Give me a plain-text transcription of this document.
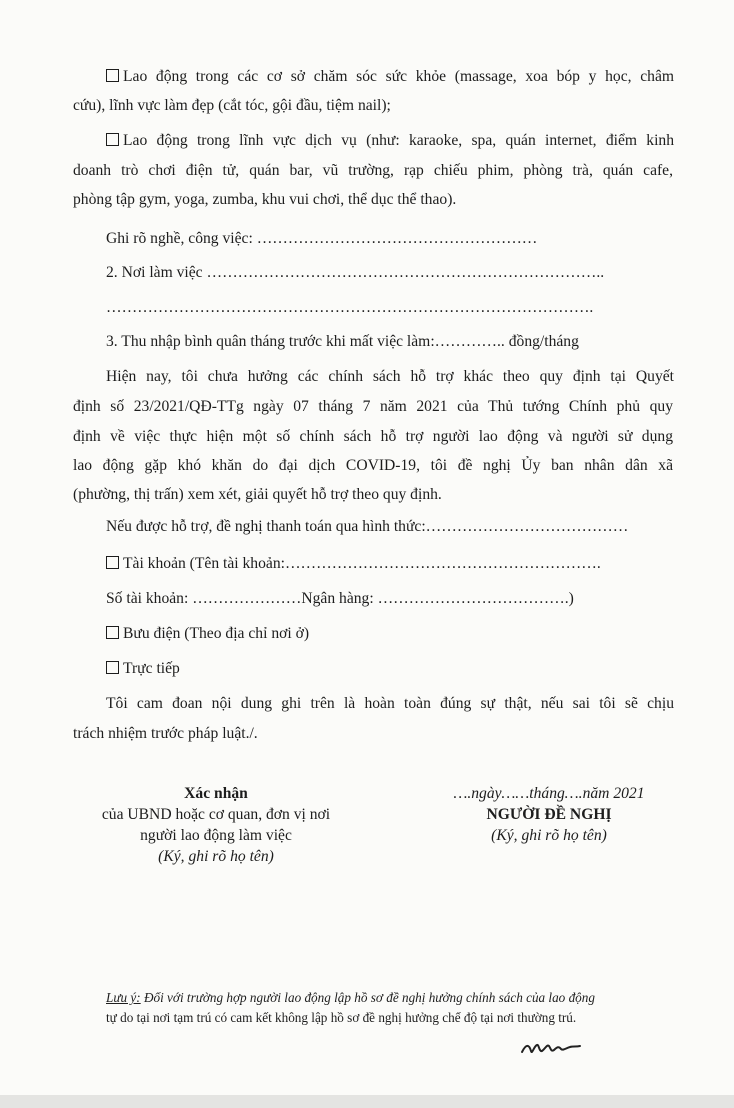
Lao động trong các cơ sở chăm sóc sức khỏe (massage, xoa bóp y học, châm
cứu), lĩnh vực làm đẹp (cắt tóc, gội đầu, tiệm nail);
Lao động trong lĩnh vực dịch vụ (như: karaoke, spa, quán internet, điểm kinh
doanh trò chơi điện tử, quán bar, vũ trường, rạp chiếu phim, phòng trà, quán cafe,
phòng tập gym, yoga, zumba, khu vui chơi, thể dục thể thao).
Ghi rõ nghề, công việc: ………………………………………………
2. Nơi làm việc …………………………………………………………………..
………………………………………………………………………………….
3. Thu nhập bình quân tháng trước khi mất việc làm:………….. đồng/tháng
Hiện nay, tôi chưa hưởng các chính sách hỗ trợ khác theo quy định tại Quyết
định số 23/2021/QĐ-TTg ngày 07 tháng 7 năm 2021 của Thủ tướng Chính phủ quy
định về việc thực hiện một số chính sách hỗ trợ người lao động và người sử dụng
lao động gặp khó khăn do đại dịch COVID-19, tôi đề nghị Ủy ban nhân dân xã
(phường, thị trấn) xem xét, giải quyết hỗ trợ theo quy định.
Nếu được hỗ trợ, đề nghị thanh toán qua hình thức:…………………………………
Tài khoản (Tên tài khoản:…………………………………………………….
Số tài khoản: …………………Ngân hàng: ……………………………….)
Bưu điện (Theo địa chỉ nơi ở)
Trực tiếp
Tôi cam đoan nội dung ghi trên là hoàn toàn đúng sự thật, nếu sai tôi sẽ chịu
trách nhiệm trước pháp luật./.
Xác nhận
của UBND hoặc cơ quan, đơn vị nơi
người lao động làm việc
(Ký, ghi rõ họ tên)
….ngày……tháng….năm 2021
NGƯỜI ĐỀ NGHỊ
(Ký, ghi rõ họ tên)
Lưu ý: Đối với trường hợp người lao động lập hồ sơ đề nghị hưởng chính sách của lao động
tự do tại nơi tạm trú có cam kết không lập hồ sơ đề nghị hưởng chế độ tại nơi thường trú.
